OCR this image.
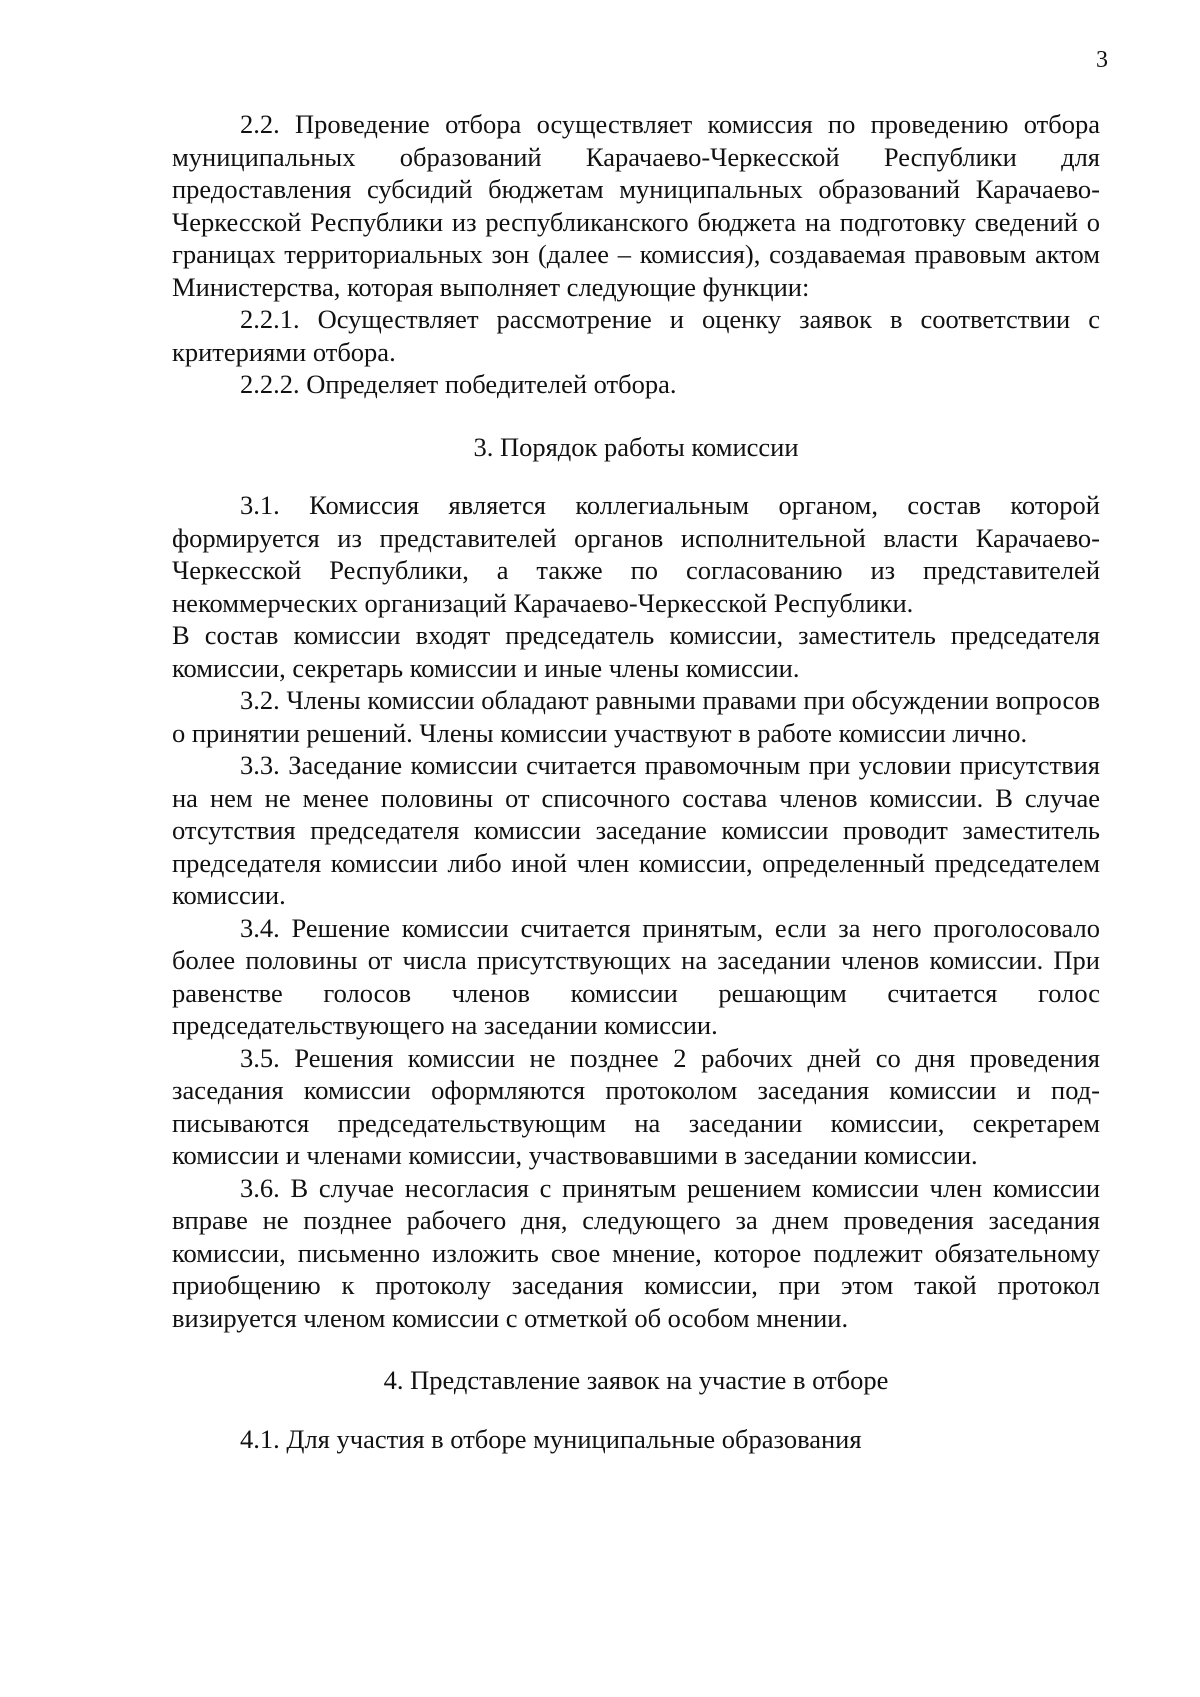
3

2.2. Проведение отбора осуществляет комиссия по проведению отбора муниципальных образований Карачаево-Черкесской Республики для предоставления субсидий бюджетам муниципальных образований Карачаево-Черкесской Республики из республиканского бюджета на подготовку сведений о границах территориальных зон (далее – комиссия), создаваемая правовым актом Министерства, которая выполняет следующие функции:

2.2.1. Осуществляет рассмотрение и оценку заявок в соответствии с критериями отбора.

2.2.2. Определяет победителей отбора.

3. Порядок работы комиссии

3.1. Комиссия является коллегиальным органом, состав которой формируется из представителей органов исполнительной власти Карачаево-Черкесской Республики, а также по согласованию из представителей некоммерческих организаций Карачаево-Черкесской Республики.

В состав комиссии входят председатель комиссии, заместитель председателя комиссии, секретарь комиссии и иные члены комиссии.

3.2. Члены комиссии обладают равными правами при обсуждении вопросов о принятии решений. Члены комиссии участвуют в работе комиссии лично.

3.3. Заседание комиссии считается правомочным при условии присутствия на нем не менее половины от списочного состава членов комиссии. В случае отсутствия председателя комиссии заседание комиссии проводит заместитель председателя комиссии либо иной член комиссии, определенный председателем комиссии.

3.4. Решение комиссии считается принятым, если за него проголосовало более половины от числа присутствующих на заседании членов комиссии. При равенстве голосов членов комиссии решающим считается голос председательствующего на заседании комиссии.

3.5. Решения комиссии не позднее 2 рабочих дней со дня проведения заседания комиссии оформляются протоколом заседания комиссии и подписываются председательствующим на заседании комиссии, секретарем комиссии и членами комиссии, участвовавшими в заседании комиссии.

3.6. В случае несогласия с принятым решением комиссии член комиссии вправе не позднее рабочего дня, следующего за днем проведения заседания комиссии, письменно изложить свое мнение, которое подлежит обязательному приобщению к протоколу заседания комиссии, при этом такой протокол визируется членом комиссии с отметкой об особом мнении.

4. Представление заявок на участие в отборе

4.1. Для участия в отборе муниципальные образования
